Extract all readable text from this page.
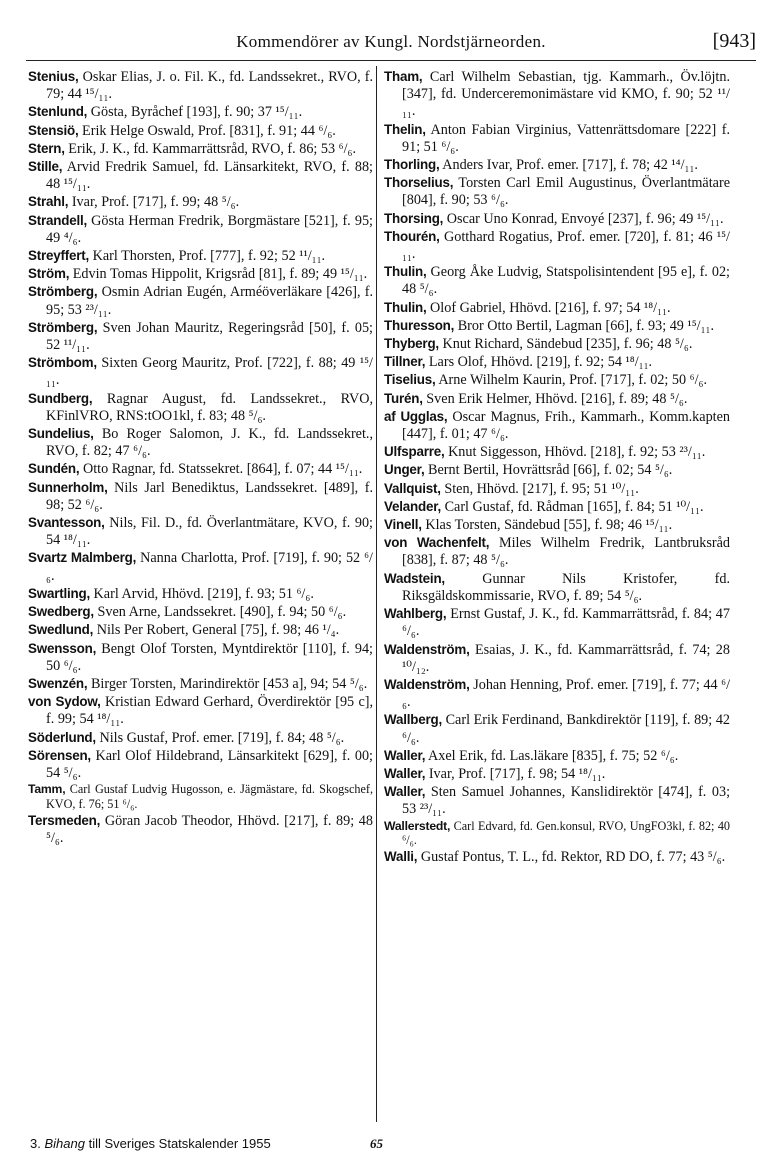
Kommendörer av Kungl. Nordstjärneorden.	[943]

Stenius, Oskar Elias, J. o. Fil. K., fd. Landssekret., RVO, f. 79; 44 ¹⁵/₁₁.

Stenlund, Gösta, Byråchef [193], f. 90; 37 ¹⁵/₁₁.

Stensiö, Erik Helge Oswald, Prof. [831], f. 91; 44 ⁶/₆.

Stern, Erik, J. K., fd. Kammarrättsråd, RVO, f. 86; 53 ⁶/₆.

Stille, Arvid Fredrik Samuel, fd. Länsarkitekt, RVO, f. 88; 48 ¹⁵/₁₁.

Strahl, Ivar, Prof. [717], f. 99; 48 ⁵/₆.

Strandell, Gösta Herman Fredrik, Borgmästare [521], f. 95; 49 ⁴/₆.

Streyffert, Karl Thorsten, Prof. [777], f. 92; 52 ¹¹/₁₁.

Ström, Edvin Tomas Hippolit, Krigsråd [81], f. 89; 49 ¹⁵/₁₁.

Strömberg, Osmin Adrian Eugén, Arméöverläkare [426], f. 95; 53 ²³/₁₁.

Strömberg, Sven Johan Mauritz, Regeringsråd [50], f. 05; 52 ¹¹/₁₁.

Strömbom, Sixten Georg Mauritz, Prof. [722], f. 88; 49 ¹⁵/₁₁.

Sundberg, Ragnar August, fd. Landssekret., RVO, KFinlVRO, RNS:tOO1kl, f. 83; 48 ⁵/₆.

Sundelius, Bo Roger Salomon, J. K., fd. Landssekret., RVO, f. 82; 47 ⁶/₆.

Sundén, Otto Ragnar, fd. Statssekret. [864], f. 07; 44 ¹⁵/₁₁.

Sunnerholm, Nils Jarl Benediktus, Landssekret. [489], f. 98; 52 ⁶/₆.

Svantesson, Nils, Fil. D., fd. Överlantmätare, KVO, f. 90; 54 ¹⁸/₁₁.

Svartz Malmberg, Nanna Charlotta, Prof. [719], f. 90; 52 ⁶/₆.

Swartling, Karl Arvid, Hhövd. [219], f. 93; 51 ⁶/₆.

Swedberg, Sven Arne, Landssekret. [490], f. 94; 50 ⁶/₆.

Swedlund, Nils Per Robert, General [75], f. 98; 46 ¹/₄.

Swensson, Bengt Olof Torsten, Myntdirektör [110], f. 94; 50 ⁶/₆.

Swenzén, Birger Torsten, Marindirektör [453 a], 94; 54 ⁵/₆.

von Sydow, Kristian Edward Gerhard, Överdirektör [95 c], f. 99; 54 ¹⁸/₁₁.

Söderlund, Nils Gustaf, Prof. emer. [719], f. 84; 48 ⁵/₆.

Sörensen, Karl Olof Hildebrand, Länsarkitekt [629], f. 00; 54 ⁵/₆.

Tamm, Carl Gustaf Ludvig Hugosson, e. Jägmästare, fd. Skogschef, KVO, f. 76; 51 ⁶/₆.

Tersmeden, Göran Jacob Theodor, Hhövd. [217], f. 89; 48 ⁵/₆.

Tham, Carl Wilhelm Sebastian, tjg. Kammarh., Öv.löjtn. [347], fd. Underceremonimästare vid KMO, f. 90; 52 ¹¹/₁₁.

Thelin, Anton Fabian Virginius, Vattenrättsdomare [222] f. 91; 51 ⁶/₆.

Thorling, Anders Ivar, Prof. emer. [717], f. 78; 42 ¹⁴/₁₁.

Thorselius, Torsten Carl Emil Augustinus, Överlantmätare [804], f. 90; 53 ⁶/₆.

Thorsing, Oscar Uno Konrad, Envoyé [237], f. 96; 49 ¹⁵/₁₁.

Thourén, Gotthard Rogatius, Prof. emer. [720], f. 81; 46 ¹⁵/₁₁.

Thulin, Georg Åke Ludvig, Statspolisintendent [95 e], f. 02; 48 ⁵/₆.

Thulin, Olof Gabriel, Hhövd. [216], f. 97; 54 ¹⁸/₁₁.

Thuresson, Bror Otto Bertil, Lagman [66], f. 93; 49 ¹⁵/₁₁.

Thyberg, Knut Richard, Sändebud [235], f. 96; 48 ⁵/₆.

Tillner, Lars Olof, Hhövd. [219], f. 92; 54 ¹⁸/₁₁.

Tiselius, Arne Wilhelm Kaurin, Prof. [717], f. 02; 50 ⁶/₆.

Turén, Sven Erik Helmer, Hhövd. [216], f. 89; 48 ⁵/₆.

af Ugglas, Oscar Magnus, Frih., Kammarh., Komm.kapten [447], f. 01; 47 ⁶/₆.

Ulfsparre, Knut Siggesson, Hhövd. [218], f. 92; 53 ²³/₁₁.

Unger, Bernt Bertil, Hovrättsråd [66], f. 02; 54 ⁵/₆.

Vallquist, Sten, Hhövd. [217], f. 95; 51 ¹⁰/₁₁.

Velander, Carl Gustaf, fd. Rådman [165], f. 84; 51 ¹⁰/₁₁.

Vinell, Klas Torsten, Sändebud [55], f. 98; 46 ¹⁵/₁₁.

von Wachenfelt, Miles Wilhelm Fredrik, Lantbruksråd [838], f. 87; 48 ⁵/₆.

Wadstein,	Gunnar Nils Kristofer, fd. Riksgäldskommissarie, RVO, f. 89; 54 ⁵/₆.

Wahlberg, Ernst Gustaf, J. K., fd. Kammarrättsråd, f. 84; 47 ⁶/₆.

Waldenström, Esaias, J. K., fd. Kammarrättsråd, f. 74; 28 ¹⁰/₁₂.

Waldenström, Johan Henning, Prof. emer. [719], f. 77; 44 ⁶/₆.

Wallberg, Carl Erik Ferdinand, Bankdirektör [119], f. 89; 42 ⁶/₆.

Waller, Axel Erik, fd. Las.läkare [835], f. 75; 52 ⁶/₆.

Waller, Ivar, Prof. [717], f. 98; 54 ¹⁸/₁₁.

Waller, Sten Samuel Johannes, Kanslidirektör [474], f. 03; 53 ²³/₁₁.

Wallerstedt, Carl Edvard, fd. Gen.konsul, RVO, UngFO3kl, f. 82; 40 ⁶/₆.

Walli, Gustaf Pontus, T. L., fd. Rektor, RD DO, f. 77; 43 ⁵/₆.

3. Bihang till Sveriges Statskalender 1955	65
